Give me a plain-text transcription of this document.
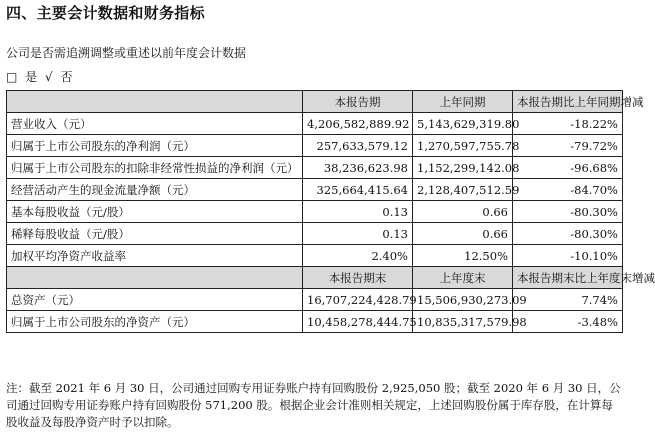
四、主要会计数据和财务指标
公司是否需追溯调整或重述以前年度会计数据
□ 是 √ 否
	本报告期	上年同期	本报告期比上年同期增减
营业收入（元）	4,206,582,889.92	5,143,629,319.80	-18.22%
归属于上市公司股东的净利润（元）	257,633,579.12	1,270,597,755.78	-79.72%
归属于上市公司股东的扣除非经常性损益的净利润（元）	38,236,623.98	1,152,299,142.08	-96.68%
经营活动产生的现金流量净额（元）	325,664,415.64	2,128,407,512.59	-84.70%
基本每股收益（元/股）	0.13	0.66	-80.30%
稀释每股收益（元/股）	0.13	0.66	-80.30%
加权平均净资产收益率	2.40%	12.50%	-10.10%
	本报告期末	上年度末	本报告期末比上年度末增减
总资产（元）	16,707,224,428.79	15,506,930,273.09	7.74%
归属于上市公司股东的净资产（元）	10,458,278,444.75	10,835,317,579.98	-3.48%
注：截至 2021 年 6 月 30 日，公司通过回购专用证券账户持有回购股份 2,925,050 股；截至 2020 年 6 月 30 日，公司通过回购专用证券账户持有回购股份 571,200 股。根据企业会计准则相关规定，上述回购股份属于库存股，在计算每股收益及每股净资产时予以扣除。
